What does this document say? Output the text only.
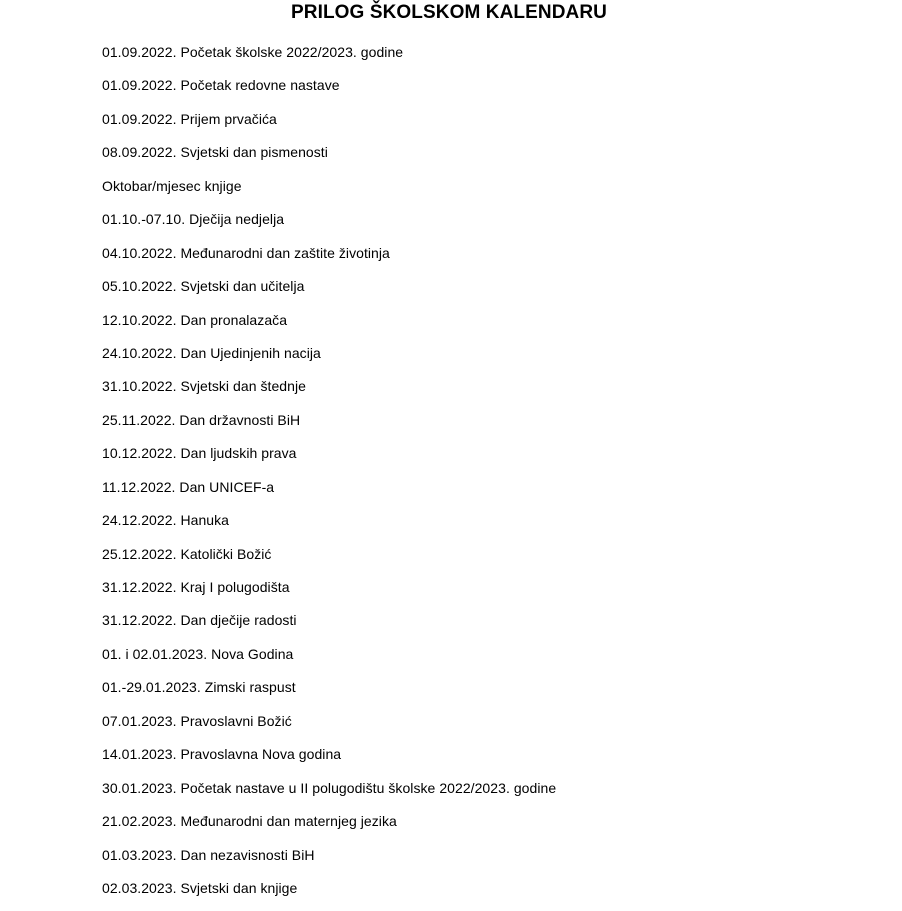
PRILOG ŠKOLSKOM KALENDARU
01.09.2022. Početak školske 2022/2023. godine
01.09.2022. Početak redovne nastave
01.09.2022. Prijem prvačića
08.09.2022. Svjetski dan pismenosti
Oktobar/mjesec knjige
01.10.-07.10. Dječija nedjelja
04.10.2022. Međunarodni dan zaštite životinja
05.10.2022. Svjetski dan učitelja
12.10.2022. Dan pronalazača
24.10.2022. Dan Ujedinjenih nacija
31.10.2022. Svjetski dan štednje
25.11.2022. Dan državnosti BiH
10.12.2022. Dan ljudskih prava
11.12.2022. Dan UNICEF-a
24.12.2022. Hanuka
25.12.2022. Katolički Božić
31.12.2022. Kraj I polugodišta
31.12.2022. Dan dječije radosti
01. i 02.01.2023. Nova Godina
01.-29.01.2023. Zimski raspust
07.01.2023. Pravoslavni Božić
14.01.2023. Pravoslavna Nova godina
30.01.2023. Početak nastave u II polugodištu školske 2022/2023. godine
21.02.2023. Međunarodni dan maternjeg jezika
01.03.2023. Dan nezavisnosti BiH
02.03.2023. Svjetski dan knjige
